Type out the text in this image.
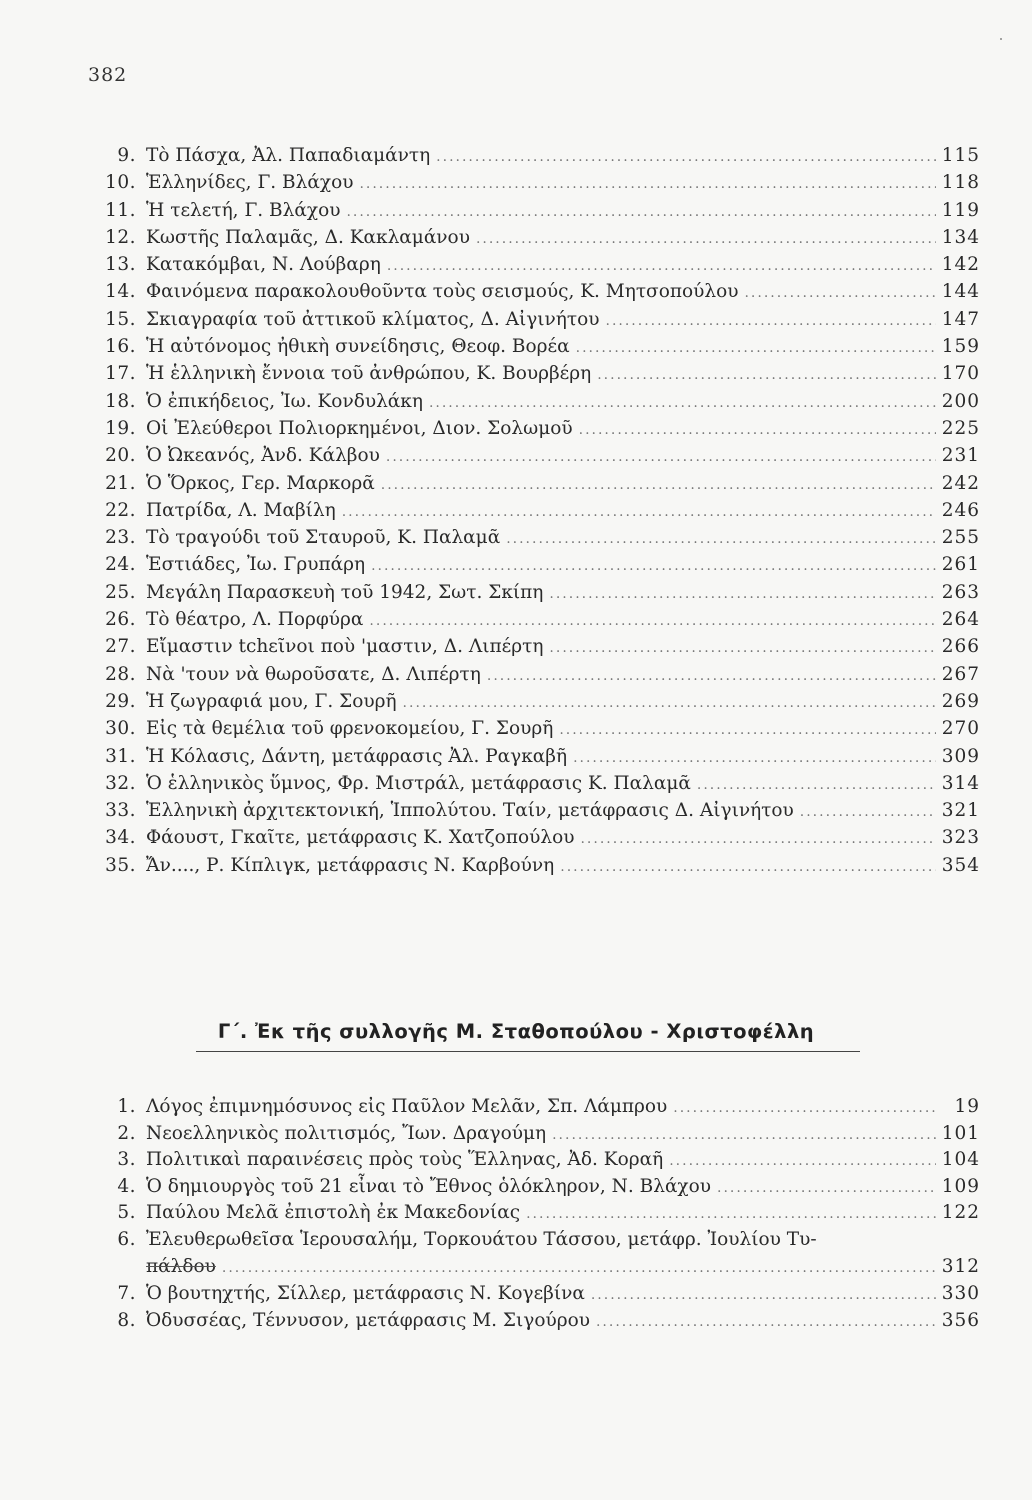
382
9. Τὸ Πάσχα, Ἀλ. Παπαδιαμάντη .....	115
10. Ἑλληνίδες, Γ. Βλάχου .....	118
11. Ἡ τελετή, Γ. Βλάχου .....	119
12. Κωστῆς Παλαμᾶς, Δ. Κακλαμάνου .....	134
13. Κατακόμβαι, Ν. Λούβαρη .....	142
14. Φαινόμενα παρακολουθοῦντα τοὺς σεισμούς, Κ. Μητσοπούλου .....	144
15. Σκιαγραφία τοῦ ἀττικοῦ κλίματος, Δ. Αἰγινήτου .....	147
16. Ἡ αὐτόνομος ἠθικὴ συνείδησις, Θεοφ. Βορέα .....	159
17. Ἡ ἑλληνικὴ ἔννοια τοῦ ἀνθρώπου, Κ. Βουρβέρη .....	170
18. Ὁ ἐπικήδειος, Ἰω. Κονδυλάκη .....	200
19. Οἱ Ἐλεύθεροι Πολιορκημένοι, Διον. Σολωμοῦ .....	225
20. Ὁ Ὠκεανός, Ἀνδ. Κάλβου .....	231
21. Ὁ Ὅρκος, Γερ. Μαρκορᾶ .....	242
22. Πατρίδα, Λ. Μαβίλη .....	246
23. Τὸ τραγούδι τοῦ Σταυροῦ, Κ. Παλαμᾶ .....	255
24. Ἑστιάδες, Ἰω. Γρυπάρη .....	261
25. Μεγάλη Παρασκευὴ τοῦ 1942, Σωτ. Σκίπη .....	263
26. Τὸ θέατρο, Λ. Πορφύρα .....	264
27. Εἴμαστιν tchεῖνοι ποὺ 'μαστιν, Δ. Λιπέρτη .....	266
28. Νὰ 'τουν νὰ θωροῦσατε, Δ. Λιπέρτη .....	267
29. Ἡ ζωγραφιά μου, Γ. Σουρῆ .....	269
30. Εἰς τὰ θεμέλια τοῦ φρενοκομείου, Γ. Σουρῆ .....	270
31. Ἡ Κόλασις, Δάντη, μετάφρασις Ἀλ. Ραγκαβῆ .....	309
32. Ὁ ἑλληνικὸς ὕμνος, Φρ. Μιστράλ, μετάφρασις Κ. Παλαμᾶ .....	314
33. Ἑλληνικὴ ἀρχιτεκτονική, Ἱππολύτου. Ταίν, μετάφρασις Δ. Αἰγινήτου .....	321
34. Φάουστ, Γκαῖτε, μετάφρασις Κ. Χατζοπούλου .....	323
35. Ἄν...., Ρ. Κίπλιγκ, μετάφρασις Ν. Καρβούνη .....	354
Γ΄. Ἐκ τῆς συλλογῆς Μ. Σταθοπούλου - Χριστοφέλλη
1. Λόγος ἐπιμνημόσυνος εἰς Παῦλον Μελᾶν, Σπ. Λάμπρου .....	19
2. Νεοελληνικὸς πολιτισμός, Ἴων. Δραγούμη .....	101
3. Πολιτικαὶ παραινέσεις πρὸς τοὺς Ἕλληνας, Ἀδ. Κοραῆ .....	104
4. Ὁ δημιουργὸς τοῦ 21 εἶναι τὸ Ἔθνος ὁλόκληρον, Ν. Βλάχου .....	109
5. Παύλου Μελᾶ ἐπιστολὴ ἐκ Μακεδονίας .....	122
6. Ἐλευθερωθεῖσα Ἱερουσαλήμ, Τορκουάτου Τάσσου, μετάφρ. Ἰουλίου Τυ-
πάλδου .....	312
7. Ὁ βουτηχτής, Σίλλερ, μετάφρασις Ν. Κογεβίνα .....	330
8. Ὀδυσσέας, Τέννυσον, μετάφρασις Μ. Σιγούρου .....	356
